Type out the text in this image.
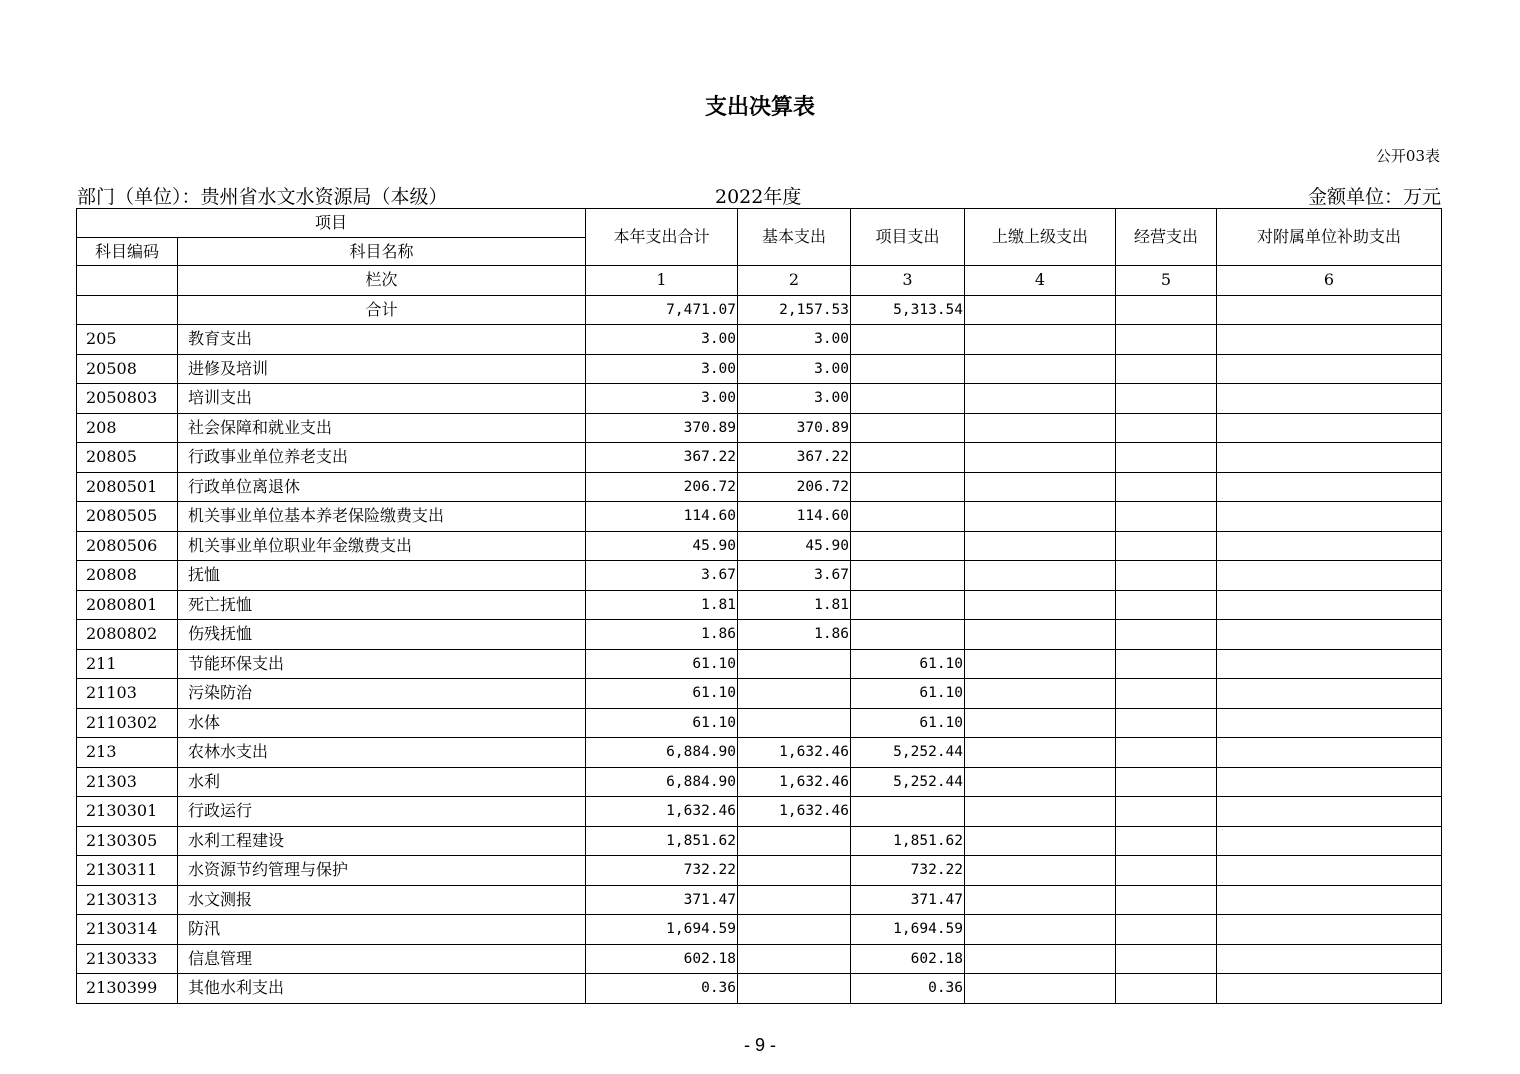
支出决算表
公开03表
部门（单位）：贵州省水文水资源局（本级）	2022年度	金额单位：万元
项目		本年支出合计	基本支出	项目支出	上缴上级支出	经营支出	对附属单位补助支出
科目编码	科目名称						
	栏次	1	2	3	4	5	6
	合计	7,471.07	2,157.53	5,313.54			
205	教育支出	3.00	3.00				
20508	进修及培训	3.00	3.00				
2050803	培训支出	3.00	3.00				
208	社会保障和就业支出	370.89	370.89				
20805	行政事业单位养老支出	367.22	367.22				
2080501	行政单位离退休	206.72	206.72				
2080505	机关事业单位基本养老保险缴费支出	114.60	114.60				
2080506	机关事业单位职业年金缴费支出	45.90	45.90				
20808	抚恤	3.67	3.67				
2080801	死亡抚恤	1.81	1.81				
2080802	伤残抚恤	1.86	1.86				
211	节能环保支出	61.10		61.10			
21103	污染防治	61.10		61.10			
2110302	水体	61.10		61.10			
213	农林水支出	6,884.90	1,632.46	5,252.44			
21303	水利	6,884.90	1,632.46	5,252.44			
2130301	行政运行	1,632.46	1,632.46				
2130305	水利工程建设	1,851.62		1,851.62			
2130311	水资源节约管理与保护	732.22		732.22			
2130313	水文测报	371.47		371.47			
2130314	防汛	1,694.59		1,694.59			
2130333	信息管理	602.18		602.18			
2130399	其他水利支出	0.36		0.36			
- 9 -
